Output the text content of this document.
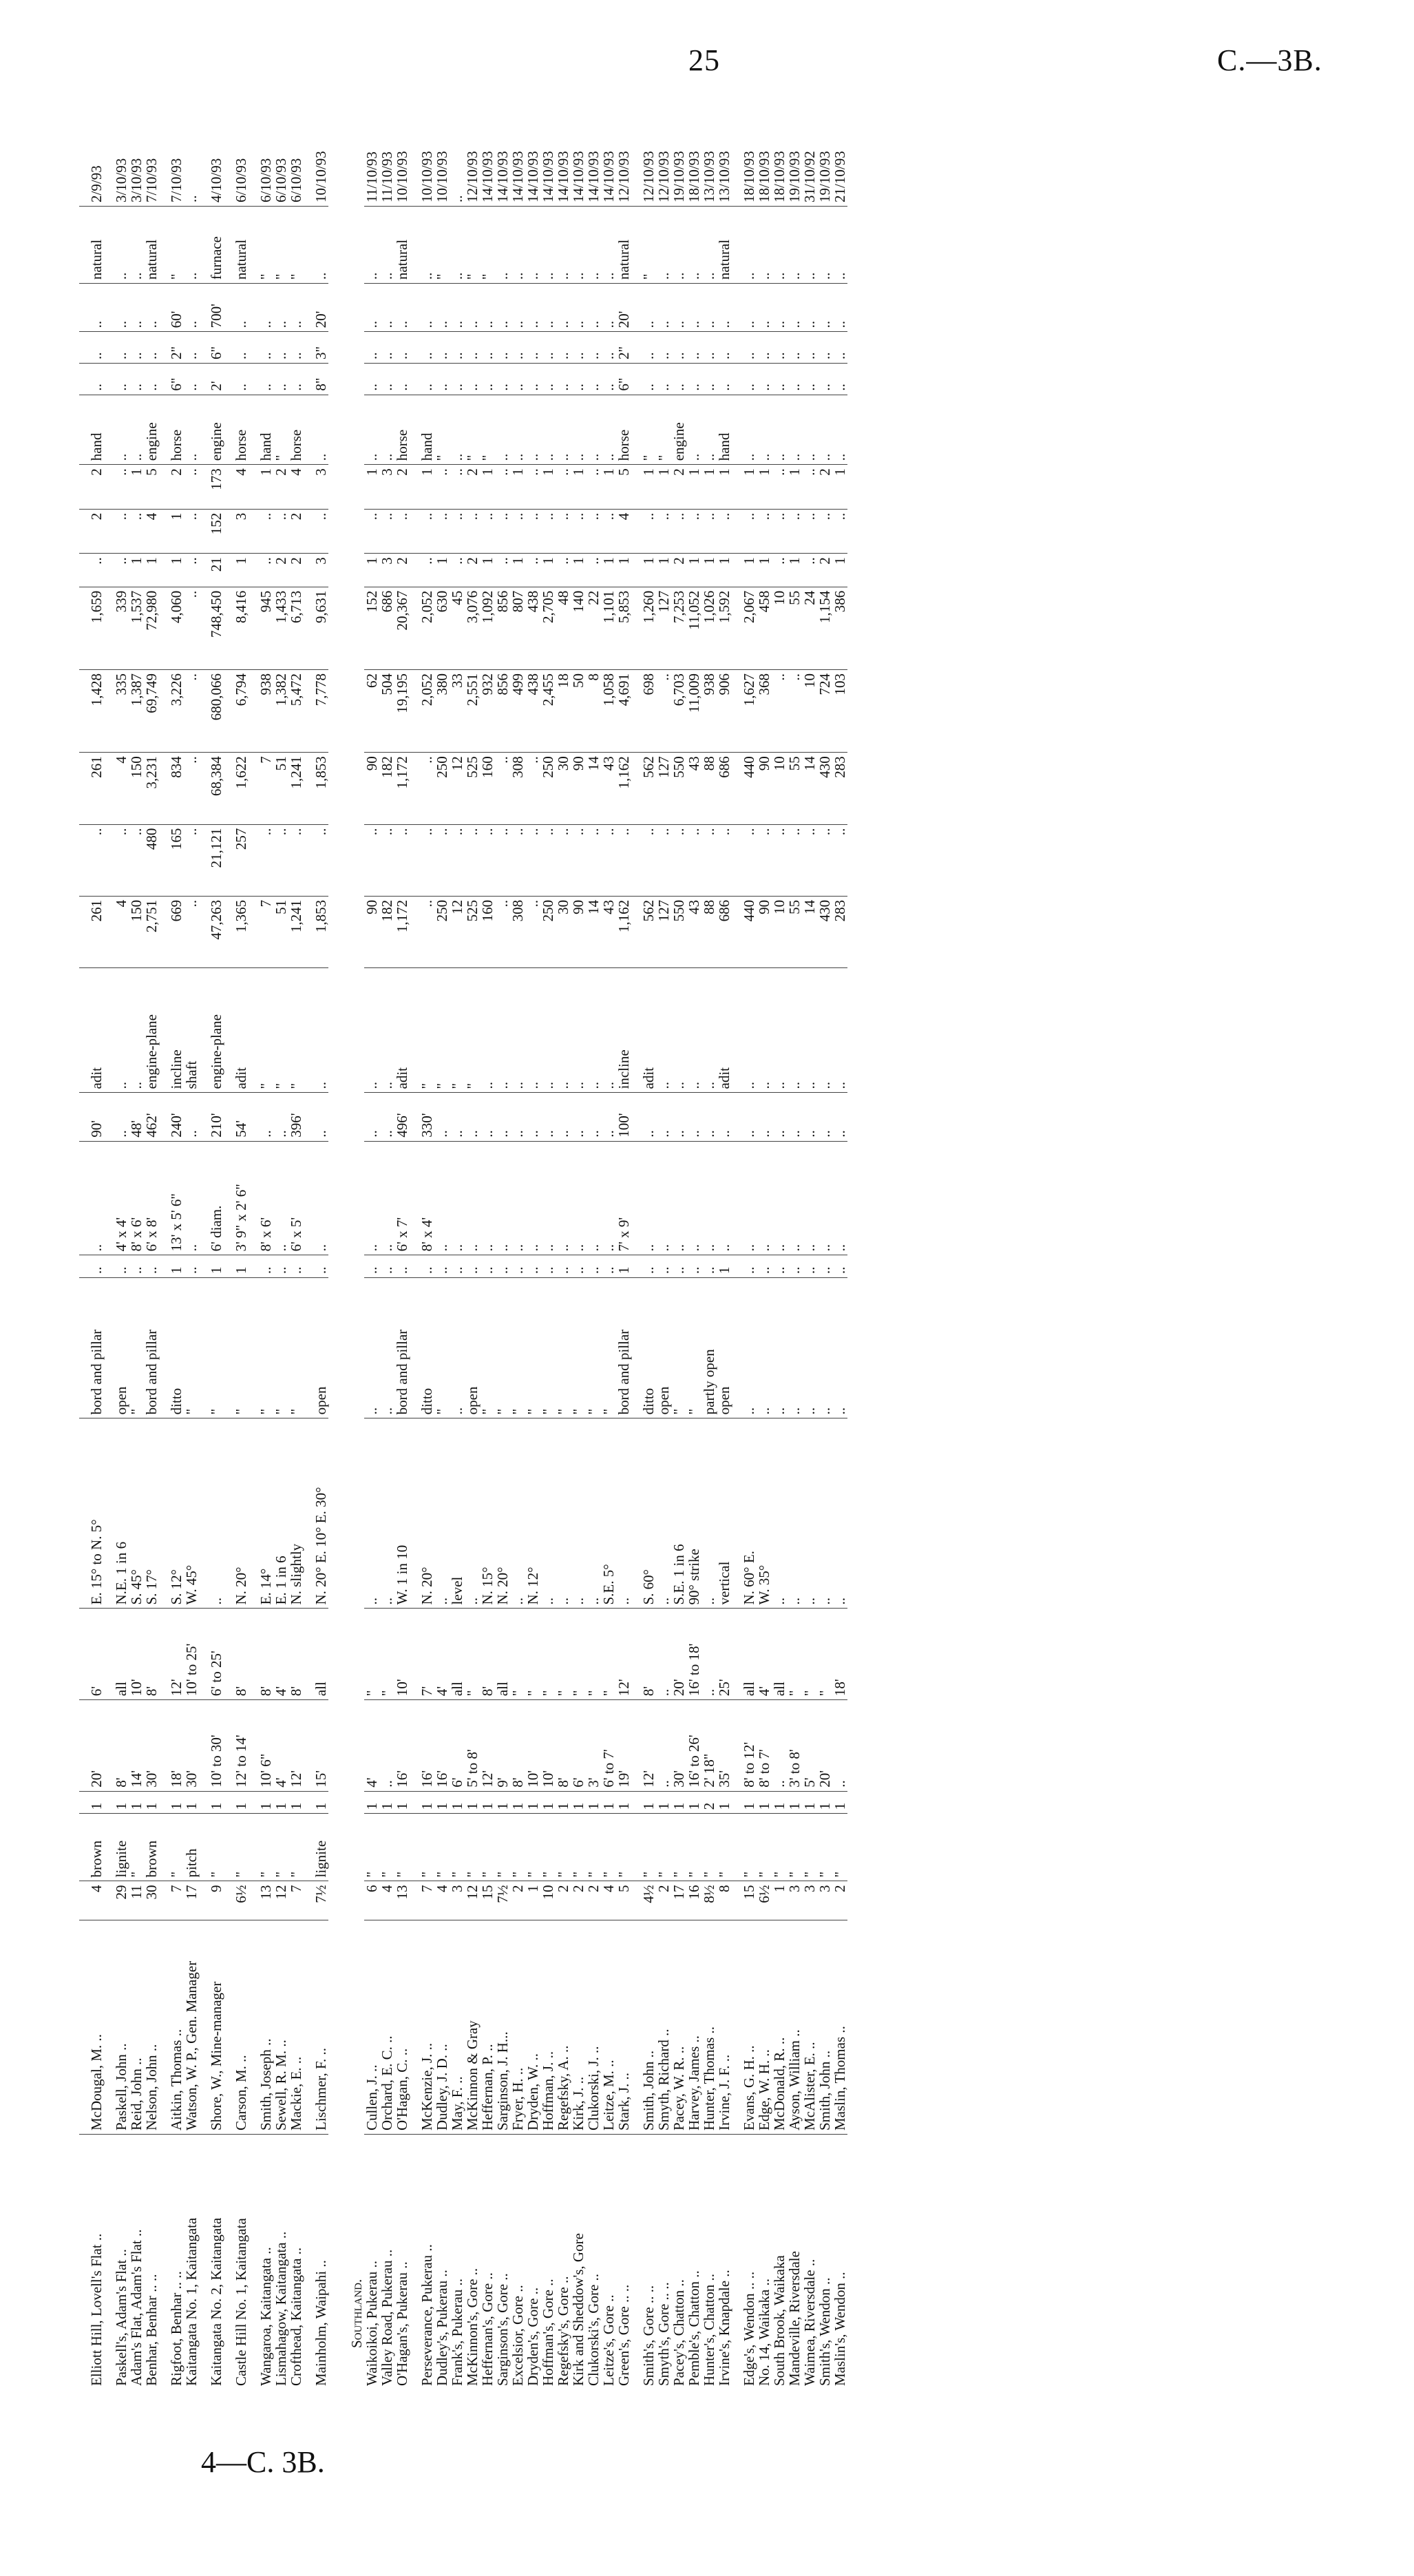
25	C.—3B.
Elliott Hill, Lovell's Flat ..	McDougal, M. ..	4	brown	1	20'	6'	E. 15° to N. 5°	bord and pillar	..	..	90'	adit	261	..	261	1,428	1,659	..	2	2	hand	..	..	..	natural	2/9/93
Paskell's, Adam's Flat ..	Paskell, John ..	29	lignite	1	8'	all	N.E. 1 in 6	open	..	4' x 4'	..	..	4	..	4	335	339	..	..	..	..	..	..	..	..	3/10/93
Adam's Flat, Adam's Flat ..	Reid, John ..	11	"	1	14'	10'	S. 45°	"	..	8' x 6'	48'	..	150	..	150	1,387	1,537	1	..	1	..	..	..	..	..	3/10/93
Benhar, Benhar .. ..	Nelson, John ..	30	brown	1	30'	8'	S. 17°	bord and pillar	..	6' x 8'	462'	engine-plane	2,751	480	3,231	69,749	72,980	1	4	5	engine	..	..	..	natural	7/10/93
Rigfoot, Benhar .. ..	Aitkin, Thomas ..	7	"	1	18'	12'	S. 12°	ditto	1	13' x 5' 6"	240'	incline	669	165	834	3,226	4,060	1	1	2	horse	6"	2"	60'	"	7/10/93
Kaitangata No. 1, Kaitangata	Watson, W. P., Gen. Manager	17	pitch	1	30'	10' to 25'	W. 45°	"	..	..	..	shaft	..	..	..	..	..	..	..	..	..	..	..	..	..	..
Kaitangata No. 2, Kaitangata	Shore, W., Mine-manager	9	"	1	10' to 30'	6' to 25'	..	"	1	6' diam.	210'	engine-plane	47,263	21,121	68,384	680,066	748,450	21	152	173	engine	2'	6"	700'	furnace	4/10/93
Castle Hill No. 1, Kaitangata	Carson, M. ..	6½	"	1	12' to 14'	8'	N. 20°	"	1	3' 9" x 2' 6"	54'	adit	1,365	257	1,622	6,794	8,416	1	3	4	horse	..	..	..	natural	6/10/93
Wangaroa, Kaitangata ..	Smith, Joseph ..	13	"	1	10' 6"	8'	E. 14°	"	..	8' x 6'	..	"	7	..	7	938	945	..	..	1	hand	..	..	..	"	6/10/93
Lismahagow, Kaitangata ..	Sewell, R. M. ..	12	"	1	4'	4'	E. 1 in 6	"	..	..	..	"	51	..	51	1,382	1,433	2	..	2	"	..	..	..	"	6/10/93
Crofthead, Kaitangata ..	Mackie, E. ..	7	"	1	12'	8'	N. slightly	"	..	6' x 5'	396'	"	1,241	..	1,241	5,472	6,713	2	2	4	horse	..	..	..	"	6/10/93
Mainholm, Waipahi ..	Lischmer, F. ..	7½	lignite	1	15'	all	N. 20° E. 10° E. 30°	open	..	..	..	..	1,853	..	1,853	7,778	9,631	3	..	3	..	8"	3"	20'	..	10/10/93
Southland.																										
Waikoikoi, Pukerau ..	Cullen, J. ..	6	"	1	4'	"	..	..	..	..	..	..	90	..	90	62	152	1	..	1	..	..	..	..	..	11/10/93
Valley Road, Pukerau ..	Orchard, E. C. ..	4	"	1	..	"	..	..	..	..	..	..	182	..	182	504	686	3	..	3	..	..	..	..	..	11/10/93
O'Hagan's, Pukerau ..	O'Hagan, C. ..	13	"	1	16'	10'	W. 1 in 10	bord and pillar	..	6' x 7'	496'	adit	1,172	..	1,172	19,195	20,367	2	..	2	horse	..	..	..	natural	10/10/93
Perseverance, Pukerau ..	McKenzie, J. ..	7	"	1	16'	7'	N. 20°	ditto	..	8' x 4'	330'	"	..	..	..	2,052	2,052	..	..	1	hand	..	..	..	..	10/10/93
Dudley's, Pukerau ..	Dudley, J. D. ..	4	"	1	16'	4'	..	"	..	..	..	"	250	..	250	380	630	1	..	..	"	..	..	..	"	10/10/93
Frank's, Pukerau ..	May, F. ..	3	"	1	6'	all	level	..	..	..	..	"	12	..	12	33	45	..	..	..	..	..	..	..	..	..
McKinnon's, Gore ..	McKinnon & Gray	12	"	1	5' to 8'	"	..	open	..	..	..	"	525	..	525	2,551	3,076	2	..	2	"	..	..	..	"	12/10/93
Heffernan's, Gore ..	Heffernan, P. ..	15	"	1	12'	8'	N. 15°	"	..	..	..	..	160	..	160	932	1,092	1	..	1	"	..	..	..	"	14/10/93
Sarginson's, Gore ..	Sarginson, J. H...	7½	"	1	9'	all	N. 20°	"	..	..	..	..	..	..	..	856	856	..	..	..	..	..	..	..	..	14/10/93
Excelsior, Gore ..	Fryer, H. ..	2	"	1	8'	"	..	"	..	..	..	..	308	..	308	499	807	1	..	1	..	..	..	..	..	14/10/93
Dryden's, Gore ..	Dryden, W. ..	1	"	1	10'	"	N. 12°	"	..	..	..	..	..	..	..	438	438	..	..	..	..	..	..	..	..	14/10/93
Hoffman's, Gore ..	Hoffman, J. ..	10	"	1	10'	"	..	"	..	..	..	..	250	..	250	2,455	2,705	1	..	1	..	..	..	..	..	14/10/93
Regefsky's, Gore ..	Regefsky, A. ..	2	"	1	8'	"	..	"	..	..	..	..	30	..	30	18	48	..	..	..	..	..	..	..	..	14/10/93
Kirk and Sheddow's, Gore	Kirk, J. ..	2	"	1	6'	"	..	"	..	..	..	..	90	..	90	50	140	1	..	1	..	..	..	..	..	14/10/93
Clukorski's, Gore ..	Clukorski, J. ..	2	"	1	3'	"	..	"	..	..	..	..	14	..	14	8	22	..	..	..	..	..	..	..	..	14/10/93
Leitze's, Gore ..	Leitze, M. ..	4	"	1	6' to 7'	"	S.E. 5°	"	..	..	..	..	43	..	43	1,058	1,101	1	..	1	..	..	..	..	..	14/10/93
Green's, Gore .. ..	Stark, J. ..	5	"	1	19'	12'	..	bord and pillar	1	7' x 9'	100'	incline	1,162	..	1,162	4,691	5,853	1	4	5	horse	6"	2"	20'	natural	12/10/93
Smith's, Gore .. ..	Smith, John ..	4½	"	1	12'	8'	S. 60°	ditto	..	..	..	adit	562	..	562	698	1,260	1	..	1	"	..	..	..	"	12/10/93
Smyth's, Gore .. ..	Smyth, Richard ..	2	"	1	..	..	..	open	..	..	..	..	127	..	127	..	127	1	..	1	"	..	..	..	..	12/10/93
Pacey's, Chatton ..	Pacey, W. R. ..	17	"	1	30'	20'	S.E. 1 in 6	"	..	..	..	..	550	..	550	6,703	7,253	2	..	2	engine	..	..	..	..	19/10/93
Pemble's, Chatton ..	Harvey, James ..	16	"	1	16' to 26'	16' to 18'	90° strike	"	..	..	..	..	43	..	43	11,009	11,052	1	..	1	..	..	..	..	..	18/10/93
Hunter's, Chatton ..	Hunter, Thomas ..	8½	"	2	2' 18"	..	..	partly open	..	..	..	..	88	..	88	938	1,026	1	..	1	..	..	..	..	..	13/10/93
Irvine's, Knapdale ..	Irvine, J. F. ..	8	"	1	35'	25'	vertical	open	1	..	..	adit	686	..	686	906	1,592	1	..	1	hand	..	..	..	natural	13/10/93
Edge's, Wendon .. ..	Evans, G. H. ..	15	"	1	8' to 12'	all	N. 60° E.	..	..	..	..	..	440	..	440	1,627	2,067	1	..	1	..	..	..	..	..	18/10/93
No. 14, Waikaka ..	Edge, W. H. ..	6½	"	1	8' to 7'	4'	W. 35°	..	..	..	..	..	90	..	90	368	458	1	..	1	..	..	..	..	..	18/10/93
South Brook, Waikaka	McDonald, R. ..	1	"	1	..	all	..	..	..	..	..	..	10	..	10	..	10	..	..	..	..	..	..	..	..	18/10/93
Mandeville, Riversdale	Ayson, William ..	3	"	1	3' to 8'	"	..	..	..	..	..	..	55	..	55	..	55	1	..	1	..	..	..	..	..	19/10/93
Waimea, Riversdale ..	McAlister, E. ..	3	"	1	5'	"	..	..	..	..	..	..	14	..	14	10	24	..	..	..	..	..	..	..	..	31/10/92
Smith's, Wendon ..	Smith, John ..	3	"	1	20'	"	..	..	..	..	..	..	430	..	430	724	1,154	2	..	2	..	..	..	..	..	19/10/93
Maslin's, Wendon ..	Maslin, Thomas ..	2	"	1	..	18'	..	..	..	..	..	..	283	..	283	103	386	1	..	1	..	..	..	..	..	21/10/93
4—C. 3B.
